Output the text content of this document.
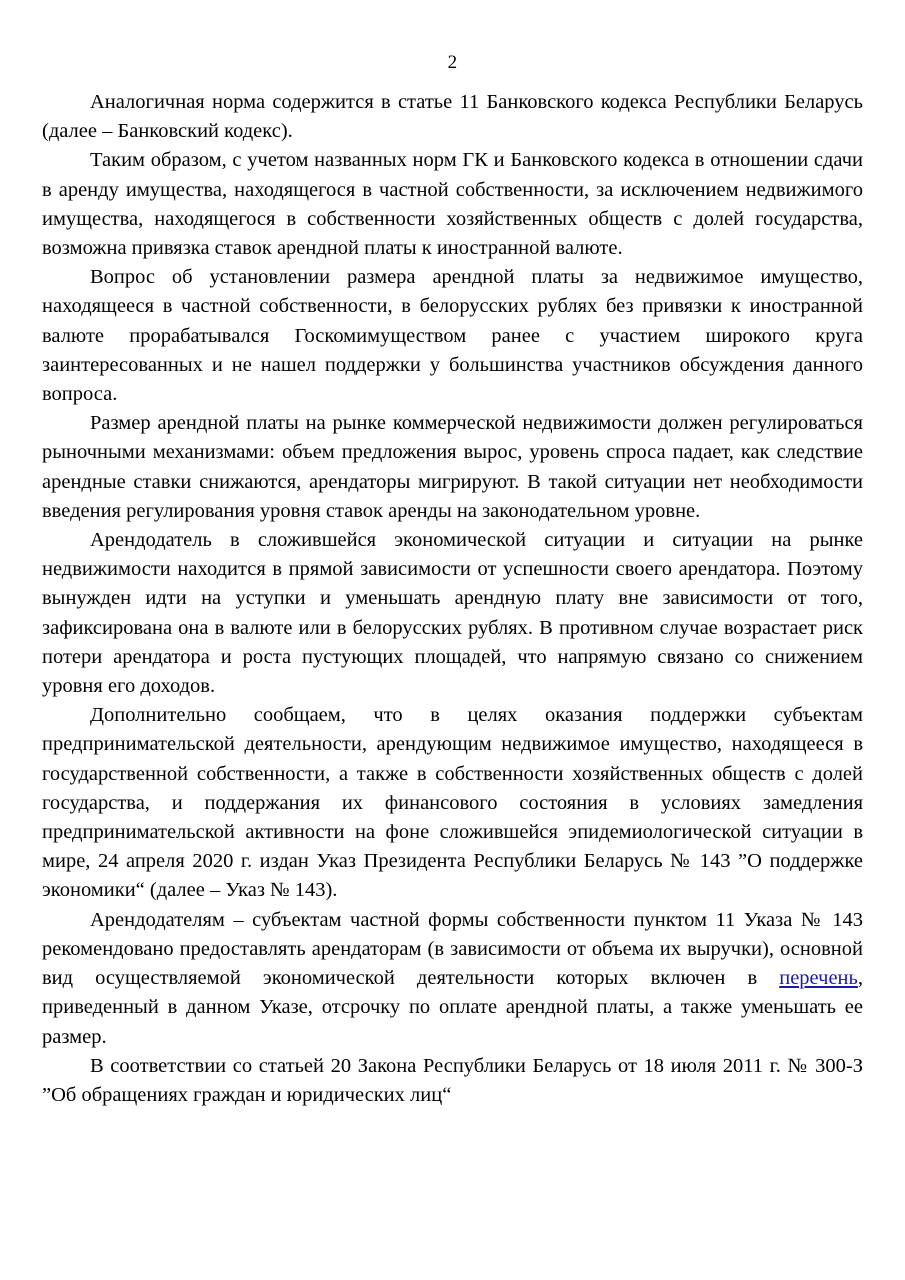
2

Аналогичная норма содержится в статье 11 Банковского кодекса Республики Беларусь (далее – Банковский кодекс).

Таким образом, с учетом названных норм ГК и Банковского кодекса в отношении сдачи в аренду имущества, находящегося в частной собственности, за исключением недвижимого имущества, находящегося в собственности хозяйственных обществ с долей государства, возможна привязка ставок арендной платы к иностранной валюте.

Вопрос об установлении размера арендной платы за недвижимое имущество, находящееся в частной собственности, в белорусских рублях без привязки к иностранной валюте прорабатывался Госкомимуществом ранее с участием широкого круга заинтересованных и не нашел поддержки у большинства участников обсуждения данного вопроса.

Размер арендной платы на рынке коммерческой недвижимости должен регулироваться рыночными механизмами: объем предложения вырос, уровень спроса падает, как следствие арендные ставки снижаются, арендаторы мигрируют. В такой ситуации нет необходимости введения регулирования уровня ставок аренды на законодательном уровне.

Арендодатель в сложившейся экономической ситуации и ситуации на рынке недвижимости находится в прямой зависимости от успешности своего арендатора. Поэтому вынужден идти на уступки и уменьшать арендную плату вне зависимости от того, зафиксирована она в валюте или в белорусских рублях. В противном случае возрастает риск потери арендатора и роста пустующих площадей, что напрямую связано со снижением уровня его доходов.

Дополнительно сообщаем, что в целях оказания поддержки субъектам предпринимательской деятельности, арендующим недвижимое имущество, находящееся в государственной собственности, а также в собственности хозяйственных обществ с долей государства, и поддержания их финансового состояния в условиях замедления предпринимательской активности на фоне сложившейся эпидемиологической ситуации в мире, 24 апреля 2020 г. издан Указ Президента Республики Беларусь № 143 ”О поддержке экономики“ (далее – Указ № 143).

Арендодателям – субъектам частной формы собственности пунктом 11 Указа № 143 рекомендовано предоставлять арендаторам (в зависимости от объема их выручки), основной вид осуществляемой экономической деятельности которых включен в перечень, приведенный в данном Указе, отсрочку по оплате арендной платы, а также уменьшать ее размер.

В соответствии со статьей 20 Закона Республики Беларусь от 18 июля 2011 г. № 300-З ”Об обращениях граждан и юридических лиц“
